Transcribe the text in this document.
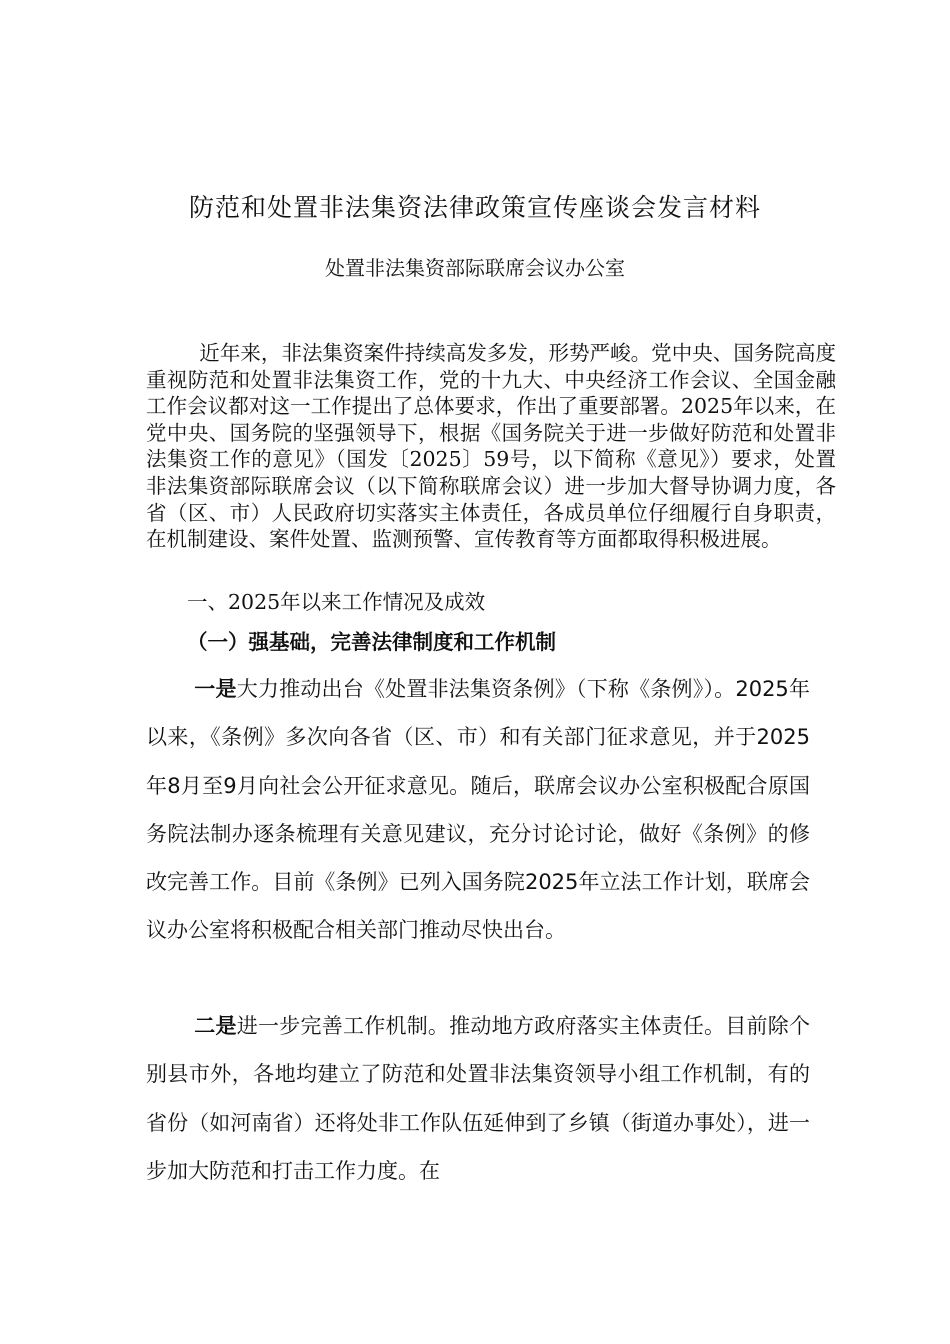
防范和处置非法集资法律政策宣传座谈会发言材料
处置非法集资部际联席会议办公室

近年来，非法集资案件持续高发多发，形势严峻。党中央、国务院高度重视防范和处置非法集资工作，党的十九大、中央经济工作会议、全国金融工作会议都对这一工作提出了总体要求，作出了重要部署。2025年以来，在党中央、国务院的坚强领导下，根据《国务院关于进一步做好防范和处置非法集资工作的意见》（国发〔2025〕59号，以下简称《意见》）要求，处置非法集资部际联席会议（以下简称联席会议）进一步加大督导协调力度，各省（区、市）人民政府切实落实主体责任，各成员单位仔细履行自身职责，在机制建设、案件处置、监测预警、宣传教育等方面都取得积极进展。

一、2025年以来工作情况及成效
（一）强基础，完善法律制度和工作机制

一是大力推动出台《处置非法集资条例》（下称《条例》）。2025年以来，《条例》多次向各省（区、市）和有关部门征求意见，并于2025年8月至9月向社会公开征求意见。随后，联席会议办公室积极配合原国务院法制办逐条梳理有关意见建议，充分讨论讨论，做好《条例》的修改完善工作。目前《条例》已列入国务院2025年立法工作计划，联席会议办公室将积极配合相关部门推动尽快出台。

二是进一步完善工作机制。推动地方政府落实主体责任。目前除个别县市外，各地均建立了防范和处置非法集资领导小组工作机制，有的省份（如河南省）还将处非工作队伍延伸到了乡镇（街道办事处），进一步加大防范和打击工作力度。在
